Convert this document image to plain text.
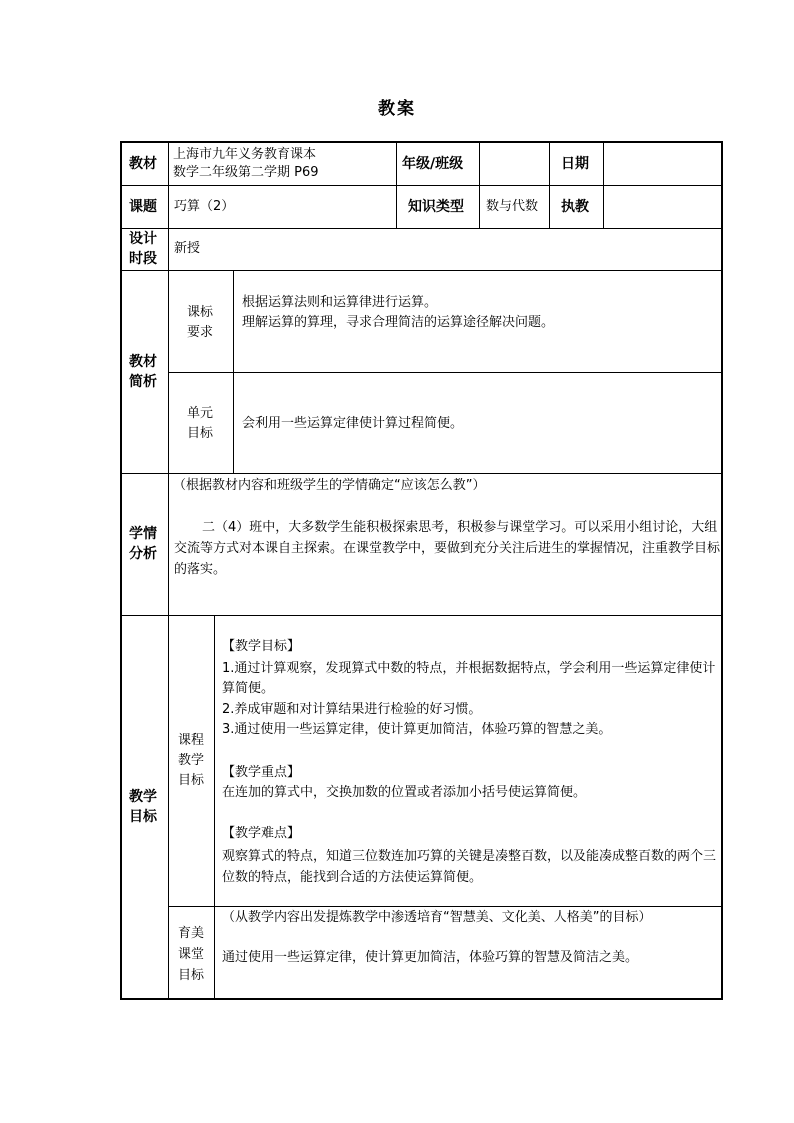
教案
教材
上海市九年义务教育课本
数学二年级第二学期 P69
年级/班级	日期
课题 巧算（2）	知识类型 数与代数 执教
设计
时段
新授
教材
简析
课标
要求
根据运算法则和运算律进行运算。
理解运算的算理，寻求合理简洁的运算途径解决问题。
单元
目标
会利用一些运算定律使计算过程简便。
学情
分析
（根据教材内容和班级学生的学情确定“应该怎么教”）
二（4）班中，大多数学生能积极探索思考，积极参与课堂学习。可以采用小组讨论，大组交流等方式对本课自主探索。在课堂教学中，要做到充分关注后进生的掌握情况，注重教学目标的落实。
教学
目标
课程
教学
目标
【教学目标】
1.通过计算观察，发现算式中数的特点，并根据数据特点，学会利用一些运算定律使计算简便。
2.养成审题和对计算结果进行检验的好习惯。
3.通过使用一些运算定律，使计算更加简洁，体验巧算的智慧之美。
【教学重点】
在连加的算式中，交换加数的位置或者添加小括号使运算简便。
【教学难点】
观察算式的特点，知道三位数连加巧算的关键是凑整百数，以及能凑成整百数的两个三位数的特点，能找到合适的方法使运算简便。
育美
课堂
目标
（从教学内容出发提炼教学中渗透培育“智慧美、文化美、人格美”的目标）
通过使用一些运算定律，使计算更加简洁，体验巧算的智慧及简洁之美。
